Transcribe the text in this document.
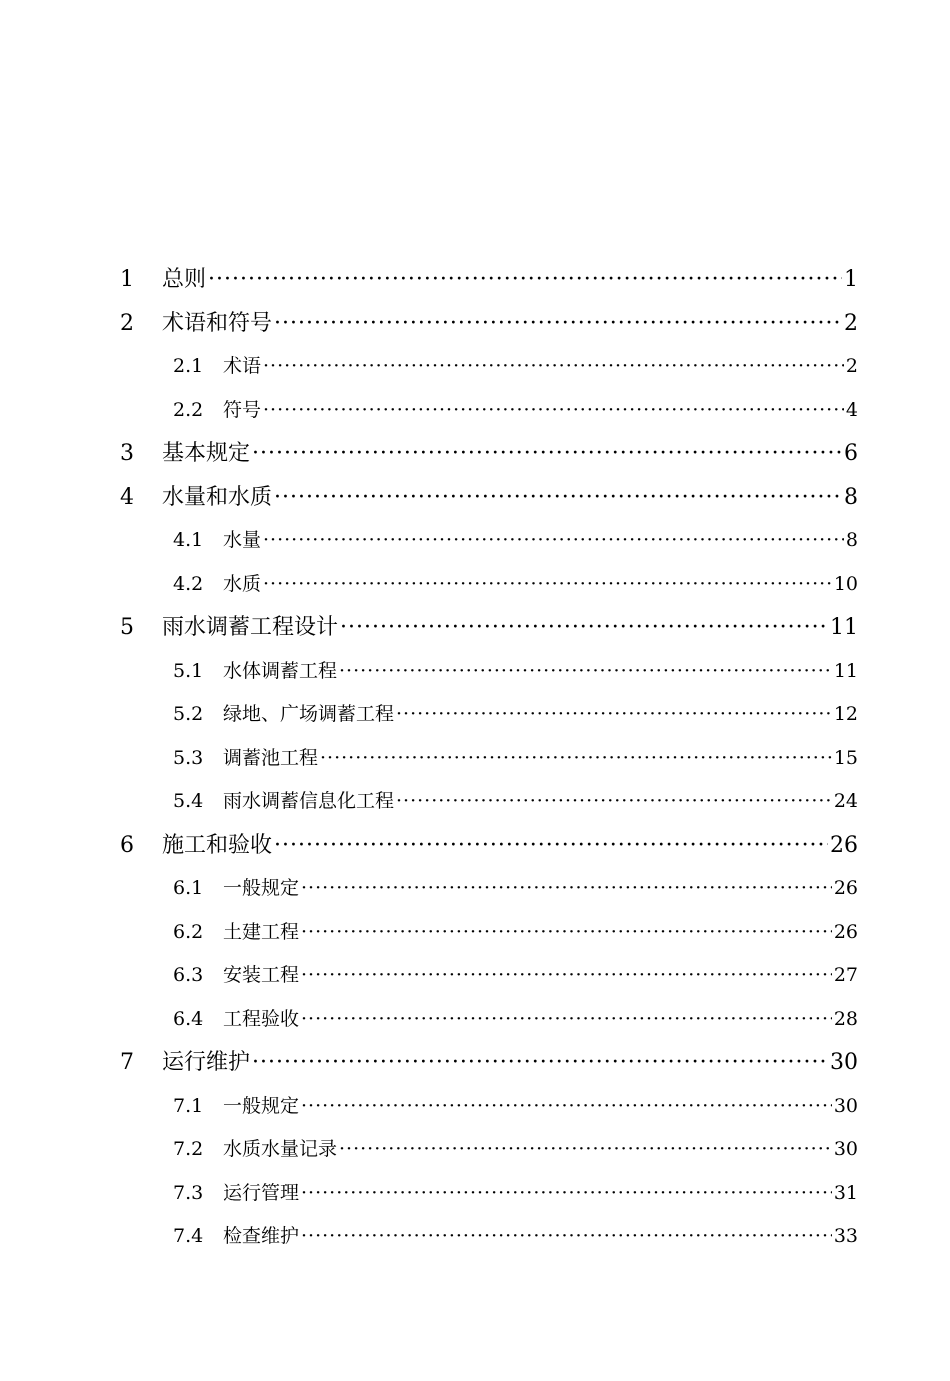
1	总则 ·····	1
2	术语和符号 ·····	2
2.1	术语 ·····	2
2.2	符号 ·····	4
3	基本规定 ·····	6
4	水量和水质 ·····	8
4.1	水量 ·····	8
4.2	水质 ·····	10
5	雨水调蓄工程设计 ·····	11
5.1	水体调蓄工程 ·····	11
5.2	绿地、广场调蓄工程 ·····	12
5.3	调蓄池工程 ·····	15
5.4	雨水调蓄信息化工程 ·····	24
6	施工和验收 ·····	26
6.1	一般规定 ·····	26
6.2	土建工程 ·····	26
6.3	安装工程 ·····	27
6.4	工程验收 ·····	28
7	运行维护 ·····	30
7.1	一般规定 ·····	30
7.2	水质水量记录 ·····	30
7.3	运行管理 ·····	31
7.4	检查维护 ·····	33
